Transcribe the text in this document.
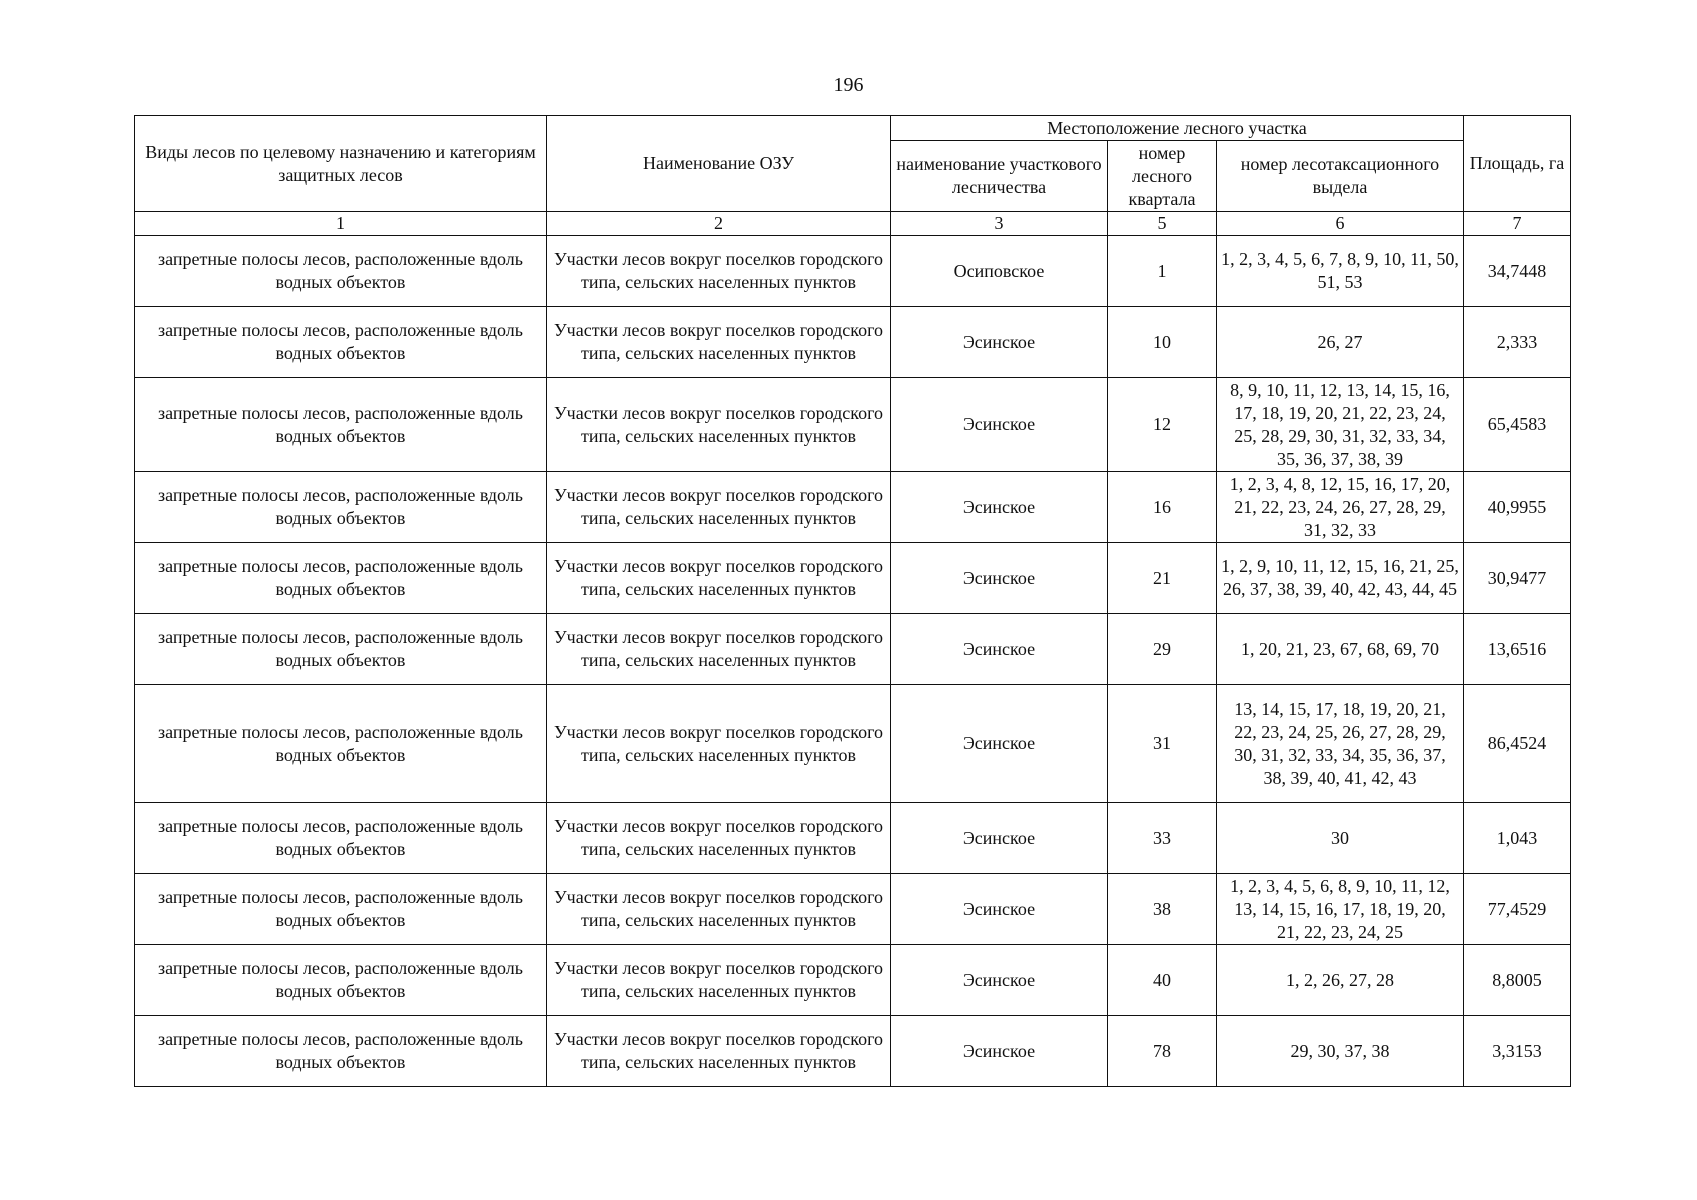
196
Виды лесов по целевому назначению и категориям защитных лесов	Наименование ОЗУ	Местоположение лесного участка			Площадь, га
		наименование участкового лесничества	номер лесного квартала	номер лесотаксационного выдела	
1	2	3	5	6	7
запретные полосы лесов, расположенные вдоль водных объектов	Участки лесов вокруг поселков городского типа, сельских населенных пунктов	Осиповское	1	1, 2, 3, 4, 5, 6, 7, 8, 9, 10, 11, 50, 51, 53	34,7448
запретные полосы лесов, расположенные вдоль водных объектов	Участки лесов вокруг поселков городского типа, сельских населенных пунктов	Эсинское	10	26, 27	2,333
запретные полосы лесов, расположенные вдоль водных объектов	Участки лесов вокруг поселков городского типа, сельских населенных пунктов	Эсинское	12	8, 9, 10, 11, 12, 13, 14, 15, 16, 17, 18, 19, 20, 21, 22, 23, 24, 25, 28, 29, 30, 31, 32, 33, 34, 35, 36, 37, 38, 39	65,4583
запретные полосы лесов, расположенные вдоль водных объектов	Участки лесов вокруг поселков городского типа, сельских населенных пунктов	Эсинское	16	1, 2, 3, 4, 8, 12, 15, 16, 17, 20, 21, 22, 23, 24, 26, 27, 28, 29, 31, 32, 33	40,9955
запретные полосы лесов, расположенные вдоль водных объектов	Участки лесов вокруг поселков городского типа, сельских населенных пунктов	Эсинское	21	1, 2, 9, 10, 11, 12, 15, 16, 21, 25, 26, 37, 38, 39, 40, 42, 43, 44, 45	30,9477
запретные полосы лесов, расположенные вдоль водных объектов	Участки лесов вокруг поселков городского типа, сельских населенных пунктов	Эсинское	29	1, 20, 21, 23, 67, 68, 69, 70	13,6516
запретные полосы лесов, расположенные вдоль водных объектов	Участки лесов вокруг поселков городского типа, сельских населенных пунктов	Эсинское	31	13, 14, 15, 17, 18, 19, 20, 21, 22, 23, 24, 25, 26, 27, 28, 29, 30, 31, 32, 33, 34, 35, 36, 37, 38, 39, 40, 41, 42, 43	86,4524
запретные полосы лесов, расположенные вдоль водных объектов	Участки лесов вокруг поселков городского типа, сельских населенных пунктов	Эсинское	33	30	1,043
запретные полосы лесов, расположенные вдоль водных объектов	Участки лесов вокруг поселков городского типа, сельских населенных пунктов	Эсинское	38	1, 2, 3, 4, 5, 6, 8, 9, 10, 11, 12, 13, 14, 15, 16, 17, 18, 19, 20, 21, 22, 23, 24, 25	77,4529
запретные полосы лесов, расположенные вдоль водных объектов	Участки лесов вокруг поселков городского типа, сельских населенных пунктов	Эсинское	40	1, 2, 26, 27, 28	8,8005
запретные полосы лесов, расположенные вдоль водных объектов	Участки лесов вокруг поселков городского типа, сельских населенных пунктов	Эсинское	78	29, 30, 37, 38	3,3153
